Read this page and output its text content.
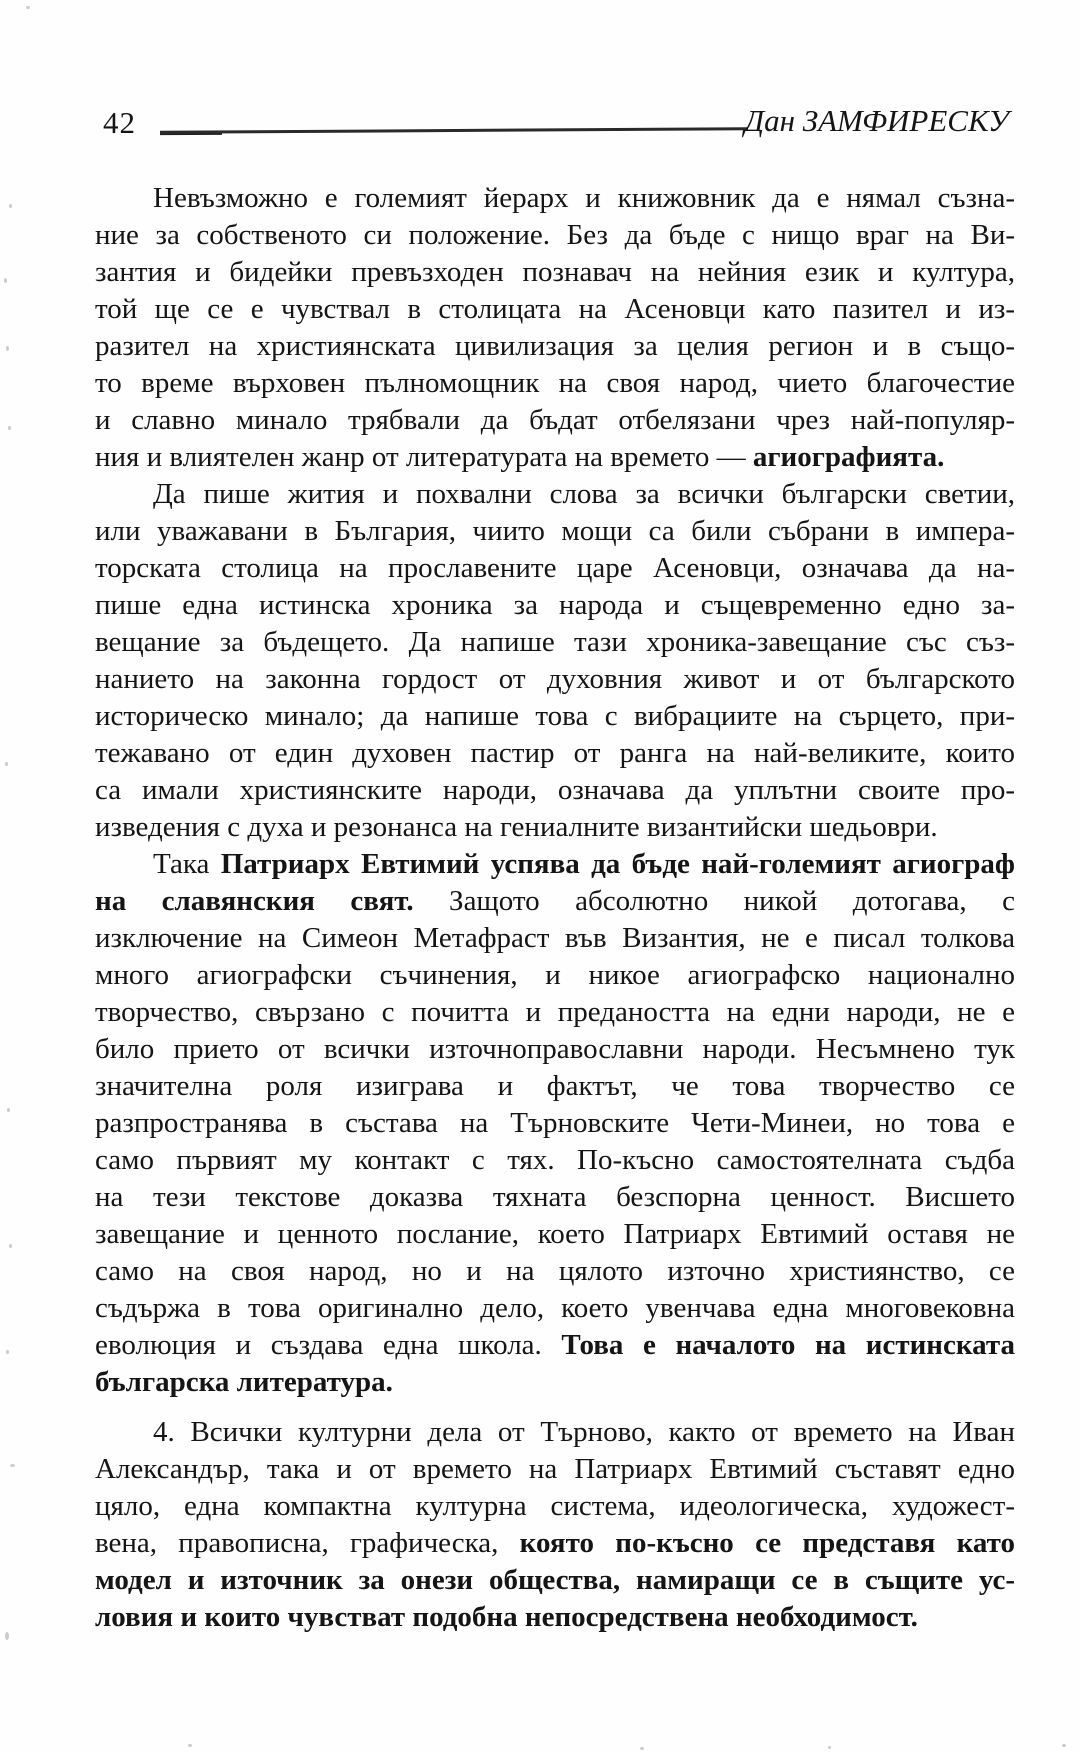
42	Дан ЗАМФИРЕСКУ
Невъзможно е големият йерарх и книжовник да е нямал съзна-
ние за собственото си положение. Без да бъде с нищо враг на Ви-
зантия и бидейки превъзходен познавач на нейния език и култура,
той ще се е чувствал в столицата на Асеновци като пазител и из-
разител на християнската цивилизация за целия регион и в също-
то време върховен пълномощник на своя народ, чието благочестие
и славно минало трябвали да бъдат отбелязани чрез най-популяр-
ния и влиятелен жанр от литературата на времето — агиографията.
Да пише жития и похвални слова за всички български светии,
или уважавани в България, чиито мощи са били събрани в импера-
торската столица на прославените царе Асеновци, означава да на-
пише една истинска хроника за народа и същевременно едно за-
вещание за бъдещето. Да напише тази хроника-завещание със съз-
нанието на законна гордост от духовния живот и от българското
историческо минало; да напише това с вибрациите на сърцето, при-
тежавано от един духовен пастир от ранга на най-великите, които
са имали християнските народи, означава да уплътни своите про-
изведения с духа и резонанса на гениалните византийски шедьоври.
Така Патриарх Евтимий успява да бъде най-големият агиограф
на славянския свят. Защото абсолютно никой дотогава, с
изключение на Симеон Метафраст във Византия, не е писал толкова
много агиографски съчинения, и никое агиографско национално
творчество, свързано с почитта и предаността на едни народи, не е
било прието от всички източноправославни народи. Несъмнено тук
значителна роля изиграва и фактът, че това творчество се
разпространява в състава на Търновските Чети-Минеи, но това е
само първият му контакт с тях. По-късно самостоятелната съдба
на тези текстове доказва тяхната безспорна ценност. Висшето
завещание и ценното послание, което Патриарх Евтимий оставя не
само на своя народ, но и на цялото източно християнство, се
съдържа в това оригинално дело, което увенчава една многовековна
еволюция и създава една школа. Това е началото на истинската
българска литература.
4. Всички културни дела от Търново, както от времето на Иван
Александър, така и от времето на Патриарх Евтимий съставят едно
цяло, една компактна културна система, идеологическа, художест-
вена, правописна, графическа, която по-късно се представя като
модел и източник за онези общества, намиращи се в същите ус-
ловия и които чувстват подобна непосредствена необходимост.
